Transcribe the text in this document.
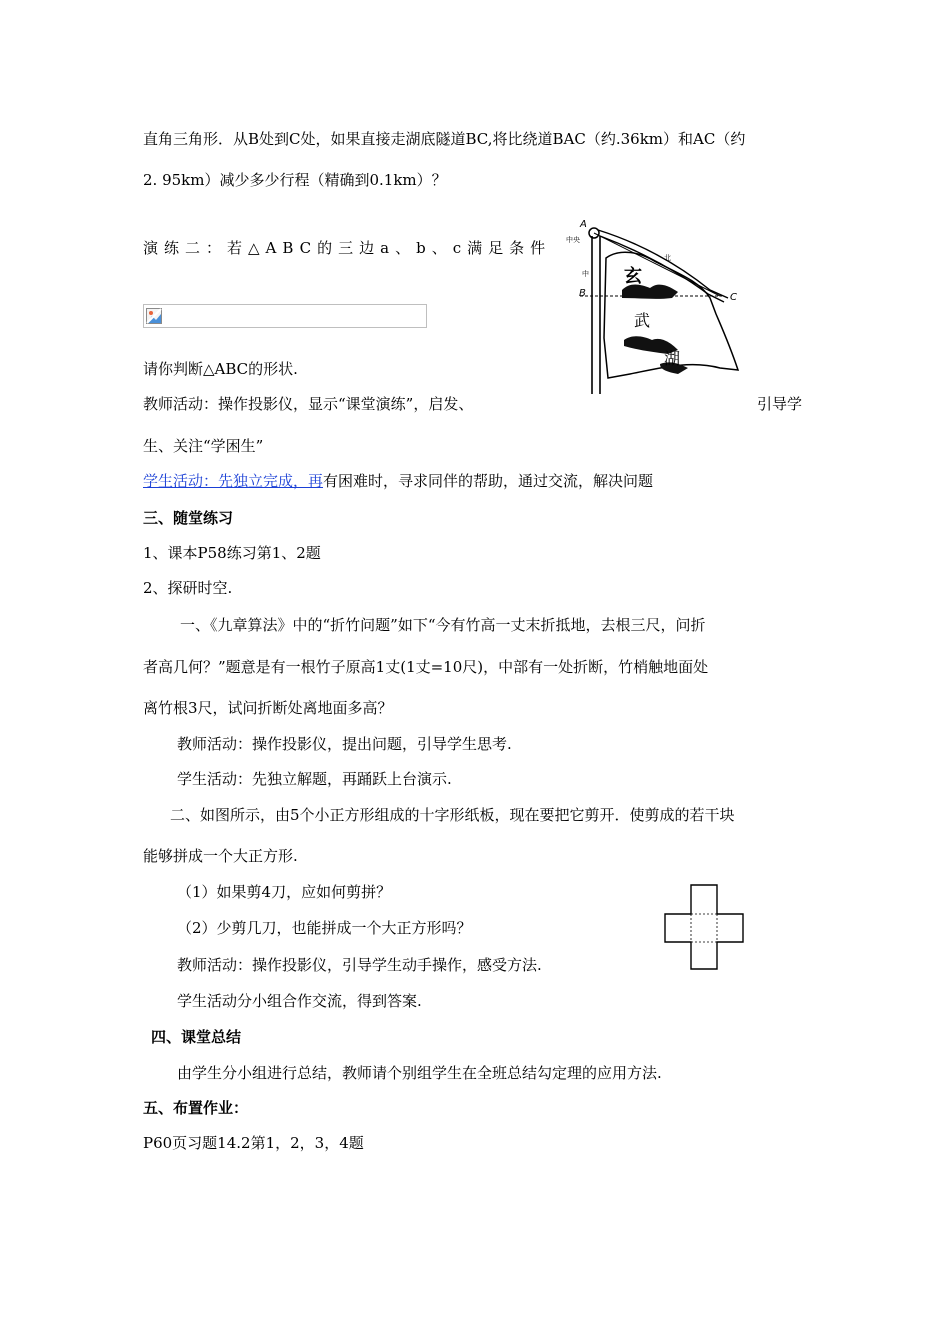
直角三角形．从B处到C处，如果直接走湖底隧道BC,将比绕道BAC（约.36km）和AC（约
2. 95km）减少多少行程（精确到0.1km）？
演练二：若△ABC的三边a、b、c满足条件
A
B	C
中央
中
北
玄
武
湖
请你判断△ABC的形状.
教师活动：操作投影仪，显示“课堂演练”，启发、	引导学
生、关注“学困生”
学生活动：先独立完成，再有困难时，寻求同伴的帮助，通过交流，解决问题
三、随堂练习
1、课本P58练习第1、2题
2、探研时空.
一、《九章算法》中的“折竹问题”如下“今有竹高一丈末折抵地，去根三尺，问折
者高几何？”题意是有一根竹子原高1丈(1丈=10尺)，中部有一处折断，竹梢触地面处
离竹根3尺，试问折断处离地面多高？
教师活动：操作投影仪，提出问题，引导学生思考.
学生活动：先独立解题，再踊跃上台演示.
二、如图所示，由5个小正方形组成的十字形纸板，现在要把它剪开．使剪成的若干块
能够拼成一个大正方形.
（1）如果剪4刀，应如何剪拼？
（2）少剪几刀，也能拼成一个大正方形吗？
教师活动：操作投影仪，引导学生动手操作，感受方法.
学生活动分小组合作交流，得到答案.
四、课堂总结
由学生分小组进行总结，教师请个别组学生在全班总结勾定理的应用方法.
五、布置作业：
P60页习题14.2第1，2，3，4题
